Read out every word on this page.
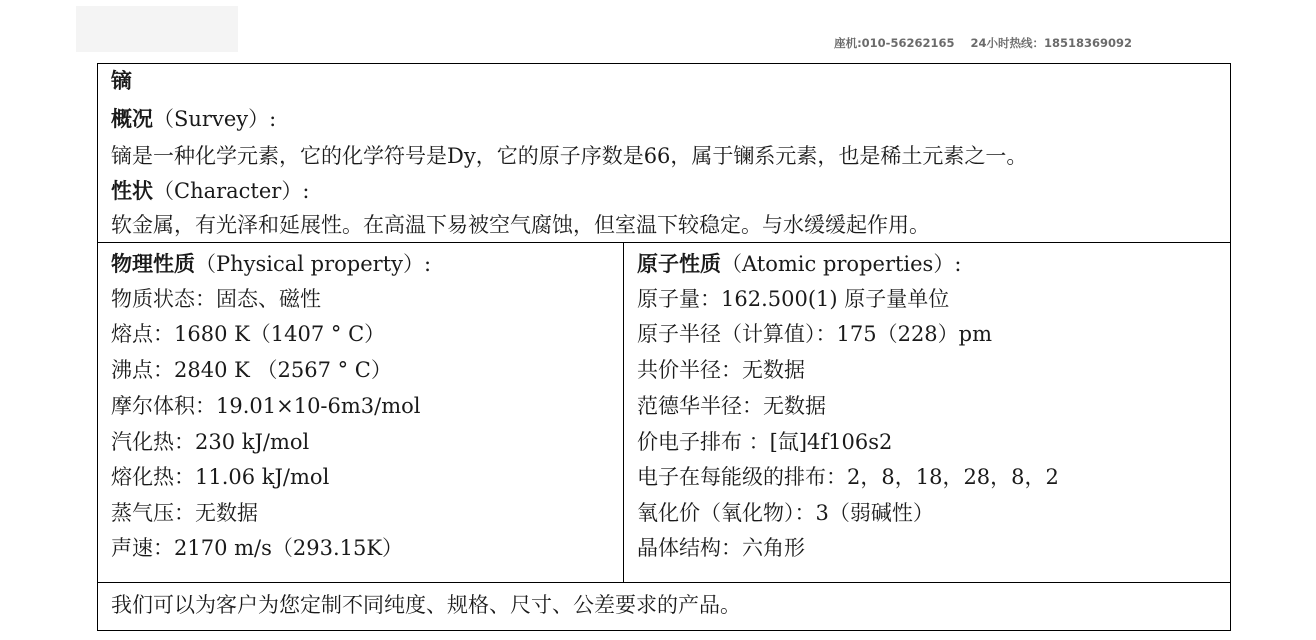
座机:010-56262165 24小时热线：18518369092
镝
概况（Survey）:
镝是一种化学元素，它的化学符号是Dy，它的原子序数是66，属于镧系元素，也是稀土元素之一。
性状（Character）:
软金属，有光泽和延展性。在高温下易被空气腐蚀，但室温下较稳定。与水缓缓起作用。
物理性质（Physical property）:
物质状态：固态、磁性
熔点：1680 K（1407 ° C）
沸点：2840 K （2567 ° C）
摩尔体积：19.01×10-6m3/mol
汽化热：230 kJ/mol
熔化热：11.06 kJ/mol
蒸气压：无数据
声速：2170 m/s（293.15K）
原子性质（Atomic properties）:
原子量：162.500(1) 原子量单位
原子半径（计算值）：175（228）pm
共价半径：无数据
范德华半径：无数据
价电子排布 ：[氙]4f106s2
电子在每能级的排布：2，8，18，28，8，2
氧化价（氧化物）：3（弱碱性）
晶体结构：六角形
我们可以为客户为您定制不同纯度、规格、尺寸、公差要求的产品。
